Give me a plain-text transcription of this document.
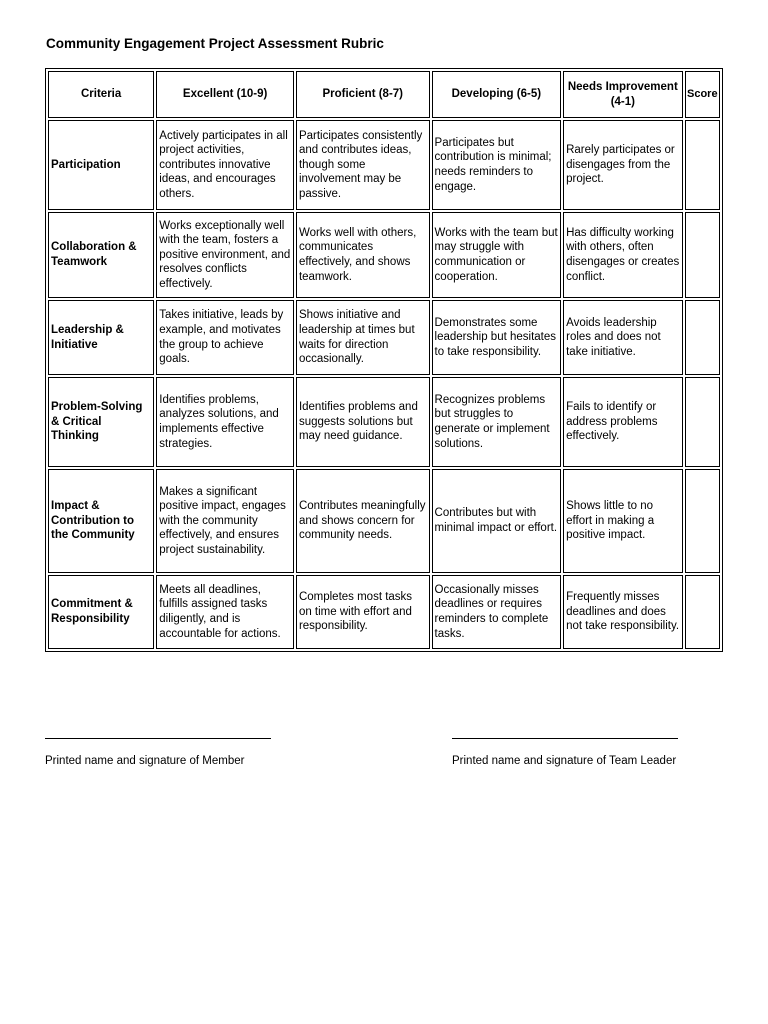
Community Engagement Project Assessment Rubric
Criteria	Excellent (10-9)	Proficient (8-7)	Developing (6-5)	Needs Improvement (4-1)	Score
Participation	Actively participates in all project activities, contributes innovative ideas, and encourages others.	Participates consistently and contributes ideas, though some involvement may be passive.	Participates but contribution is minimal; needs reminders to engage.	Rarely participates or disengages from the project.	
Collaboration & Teamwork	Works exceptionally well with the team, fosters a positive environment, and resolves conflicts effectively.	Works well with others, communicates effectively, and shows teamwork.	Works with the team but may struggle with communication or cooperation.	Has difficulty working with others, often disengages or creates conflict.	
Leadership & Initiative	Takes initiative, leads by example, and motivates the group to achieve goals.	Shows initiative and leadership at times but waits for direction occasionally.	Demonstrates some leadership but hesitates to take responsibility.	Avoids leadership roles and does not take initiative.	
Problem-Solving & Critical Thinking	Identifies problems, analyzes solutions, and implements effective strategies.	Identifies problems and suggests solutions but may need guidance.	Recognizes problems but struggles to generate or implement solutions.	Fails to identify or address problems effectively.	
Impact & Contribution to the Community	Makes a significant positive impact, engages with the community effectively, and ensures project sustainability.	Contributes meaningfully and shows concern for community needs.	Contributes but with minimal impact or effort.	Shows little to no effort in making a positive impact.	
Commitment & Responsibility	Meets all deadlines, fulfills assigned tasks diligently, and is accountable for actions.	Completes most tasks on time with effort and responsibility.	Occasionally misses deadlines or requires reminders to complete tasks.	Frequently misses deadlines and does not take responsibility.	
Printed name and signature of Member	Printed name and signature of Team Leader
